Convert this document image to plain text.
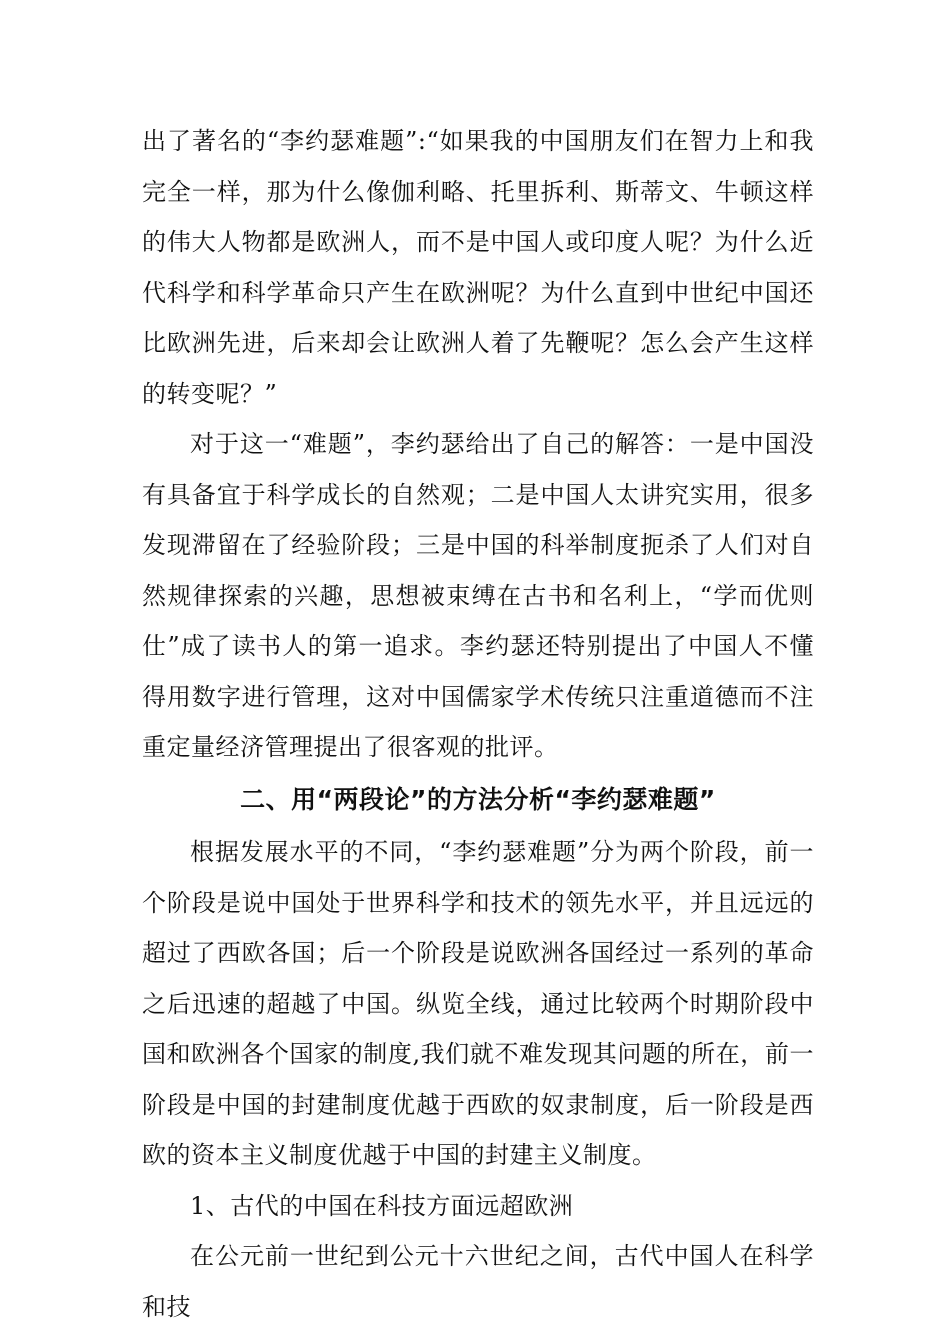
出了著名的“李约瑟难题”:“如果我的中国朋友们在智力上和我完全一样，那为什么像伽利略、托里拆利、斯蒂文、牛顿这样的伟大人物都是欧洲人，而不是中国人或印度人呢？为什么近代科学和科学革命只产生在欧洲呢？为什么直到中世纪中国还比欧洲先进，后来却会让欧洲人着了先鞭呢？怎么会产生这样的转变呢？”

对于这一“难题”，李约瑟给出了自己的解答：一是中国没有具备宜于科学成长的自然观；二是中国人太讲究实用，很多发现滞留在了经验阶段；三是中国的科举制度扼杀了人们对自然规律探索的兴趣，思想被束缚在古书和名利上，“学而优则仕”成了读书人的第一追求。李约瑟还特别提出了中国人不懂得用数字进行管理，这对中国儒家学术传统只注重道德而不注重定量经济管理提出了很客观的批评。

二、用“两段论”的方法分析“李约瑟难题”

根据发展水平的不同，“李约瑟难题”分为两个阶段，前一个阶段是说中国处于世界科学和技术的领先水平，并且远远的超过了西欧各国；后一个阶段是说欧洲各国经过一系列的革命之后迅速的超越了中国。纵览全线，通过比较两个时期阶段中国和欧洲各个国家的制度,我们就不难发现其问题的所在，前一阶段是中国的封建制度优越于西欧的奴隶制度，后一阶段是西欧的资本主义制度优越于中国的封建主义制度。

1、古代的中国在科技方面远超欧洲

在公元前一世纪到公元十六世纪之间，古代中国人在科学和技
